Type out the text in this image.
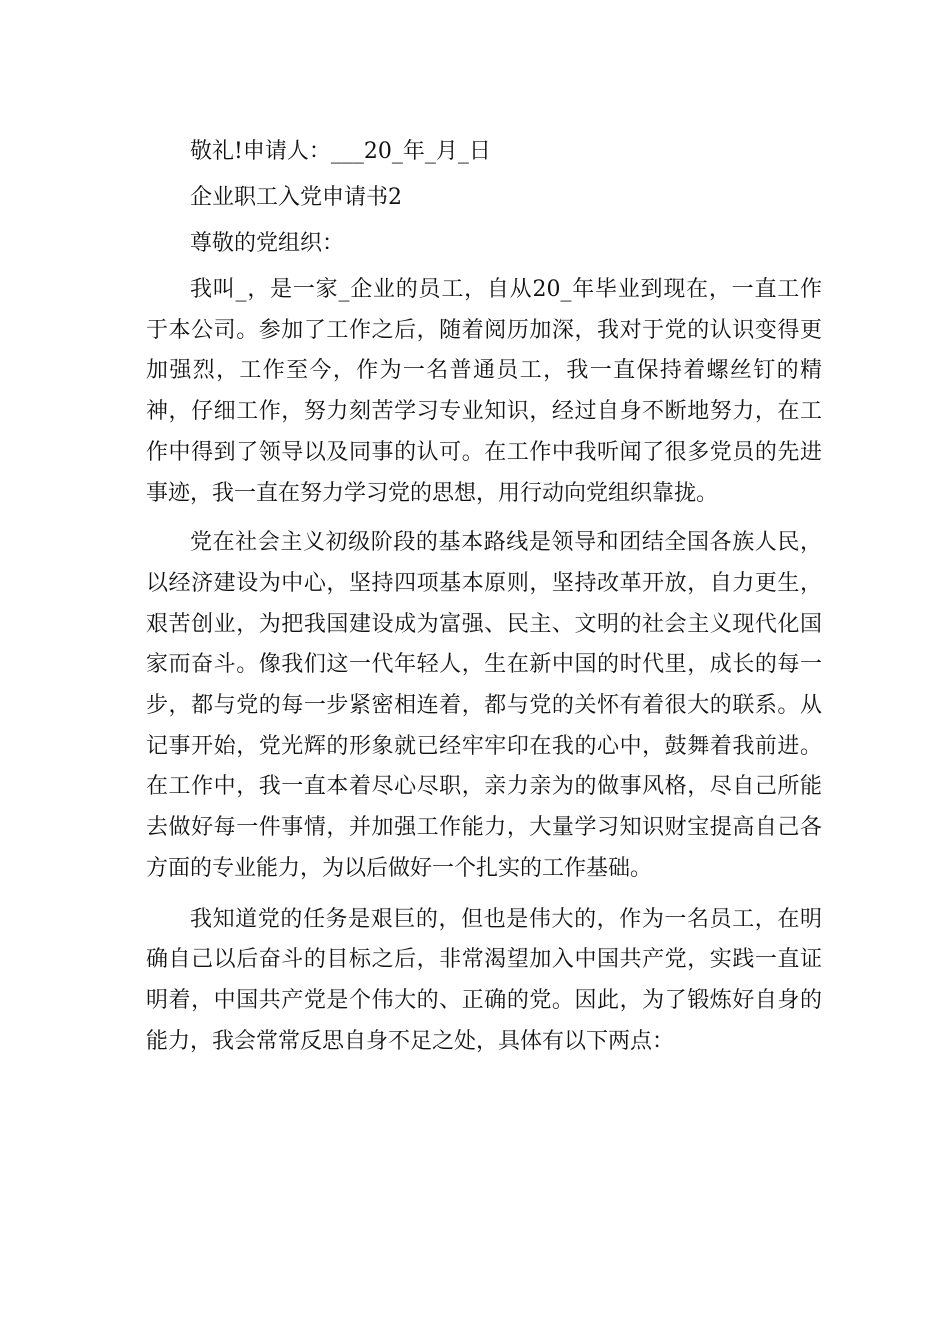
敬礼!申请人：___20_年_月_日

企业职工入党申请书2

尊敬的党组织：

我叫_，是一家_企业的员工，自从20_年毕业到现在，一直工作于本公司。参加了工作之后，随着阅历加深，我对于党的认识变得更加强烈，工作至今，作为一名普通员工，我一直保持着螺丝钉的精神，仔细工作，努力刻苦学习专业知识，经过自身不断地努力，在工作中得到了领导以及同事的认可。在工作中我听闻了很多党员的先进事迹，我一直在努力学习党的思想，用行动向党组织靠拢。

党在社会主义初级阶段的基本路线是领导和团结全国各族人民，以经济建设为中心，坚持四项基本原则，坚持改革开放，自力更生，艰苦创业，为把我国建设成为富强、民主、文明的社会主义现代化国家而奋斗。像我们这一代年轻人，生在新中国的时代里，成长的每一步，都与党的每一步紧密相连着，都与党的关怀有着很大的联系。从记事开始，党光辉的形象就已经牢牢印在我的心中，鼓舞着我前进。在工作中，我一直本着尽心尽职，亲力亲为的做事风格，尽自己所能去做好每一件事情，并加强工作能力，大量学习知识财宝提高自己各方面的专业能力，为以后做好一个扎实的工作基础。

我知道党的任务是艰巨的，但也是伟大的，作为一名员工，在明确自己以后奋斗的目标之后，非常渴望加入中国共产党，实践一直证明着，中国共产党是个伟大的、正确的党。因此，为了锻炼好自身的能力，我会常常反思自身不足之处，具体有以下两点：
